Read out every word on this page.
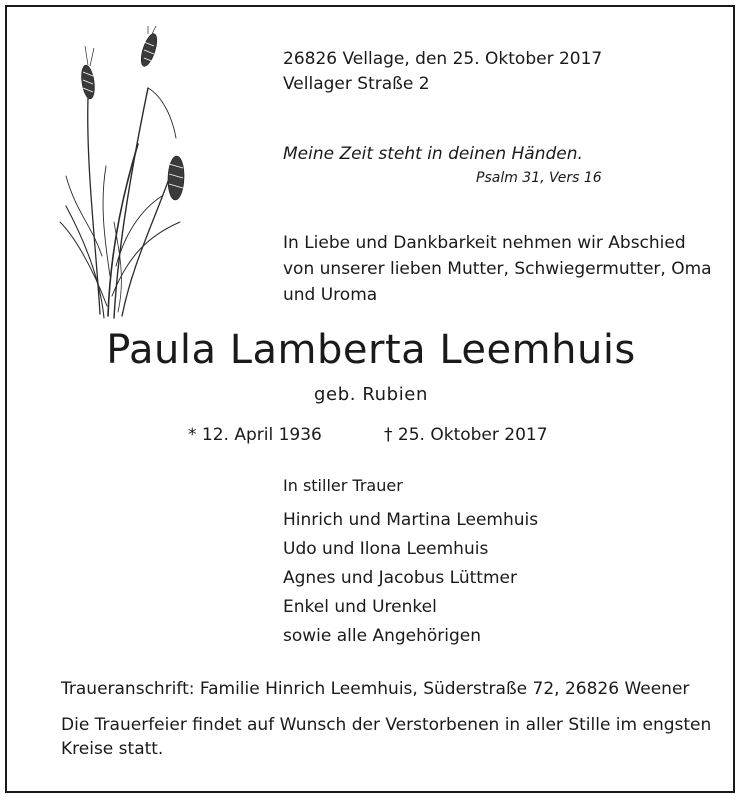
26826 Vellage, den 25. Oktober 2017
Vellager Straße 2
Meine Zeit steht in deinen Händen.
Psalm 31, Vers 16
In Liebe und Dankbarkeit nehmen wir Abschied
von unserer lieben Mutter, Schwiegermutter, Oma
und Uroma
Paula Lamberta Leemhuis
geb. Rubien
* 12. April 1936	† 25. Oktober 2017
In stiller Trauer
Hinrich und Martina Leemhuis
Udo und Ilona Leemhuis
Agnes und Jacobus Lüttmer
Enkel und Urenkel
sowie alle Angehörigen
Traueranschrift: Familie Hinrich Leemhuis, Süderstraße 72, 26826 Weener
Die Trauerfeier findet auf Wunsch der Verstorbenen in aller Stille im engsten
Kreise statt.
